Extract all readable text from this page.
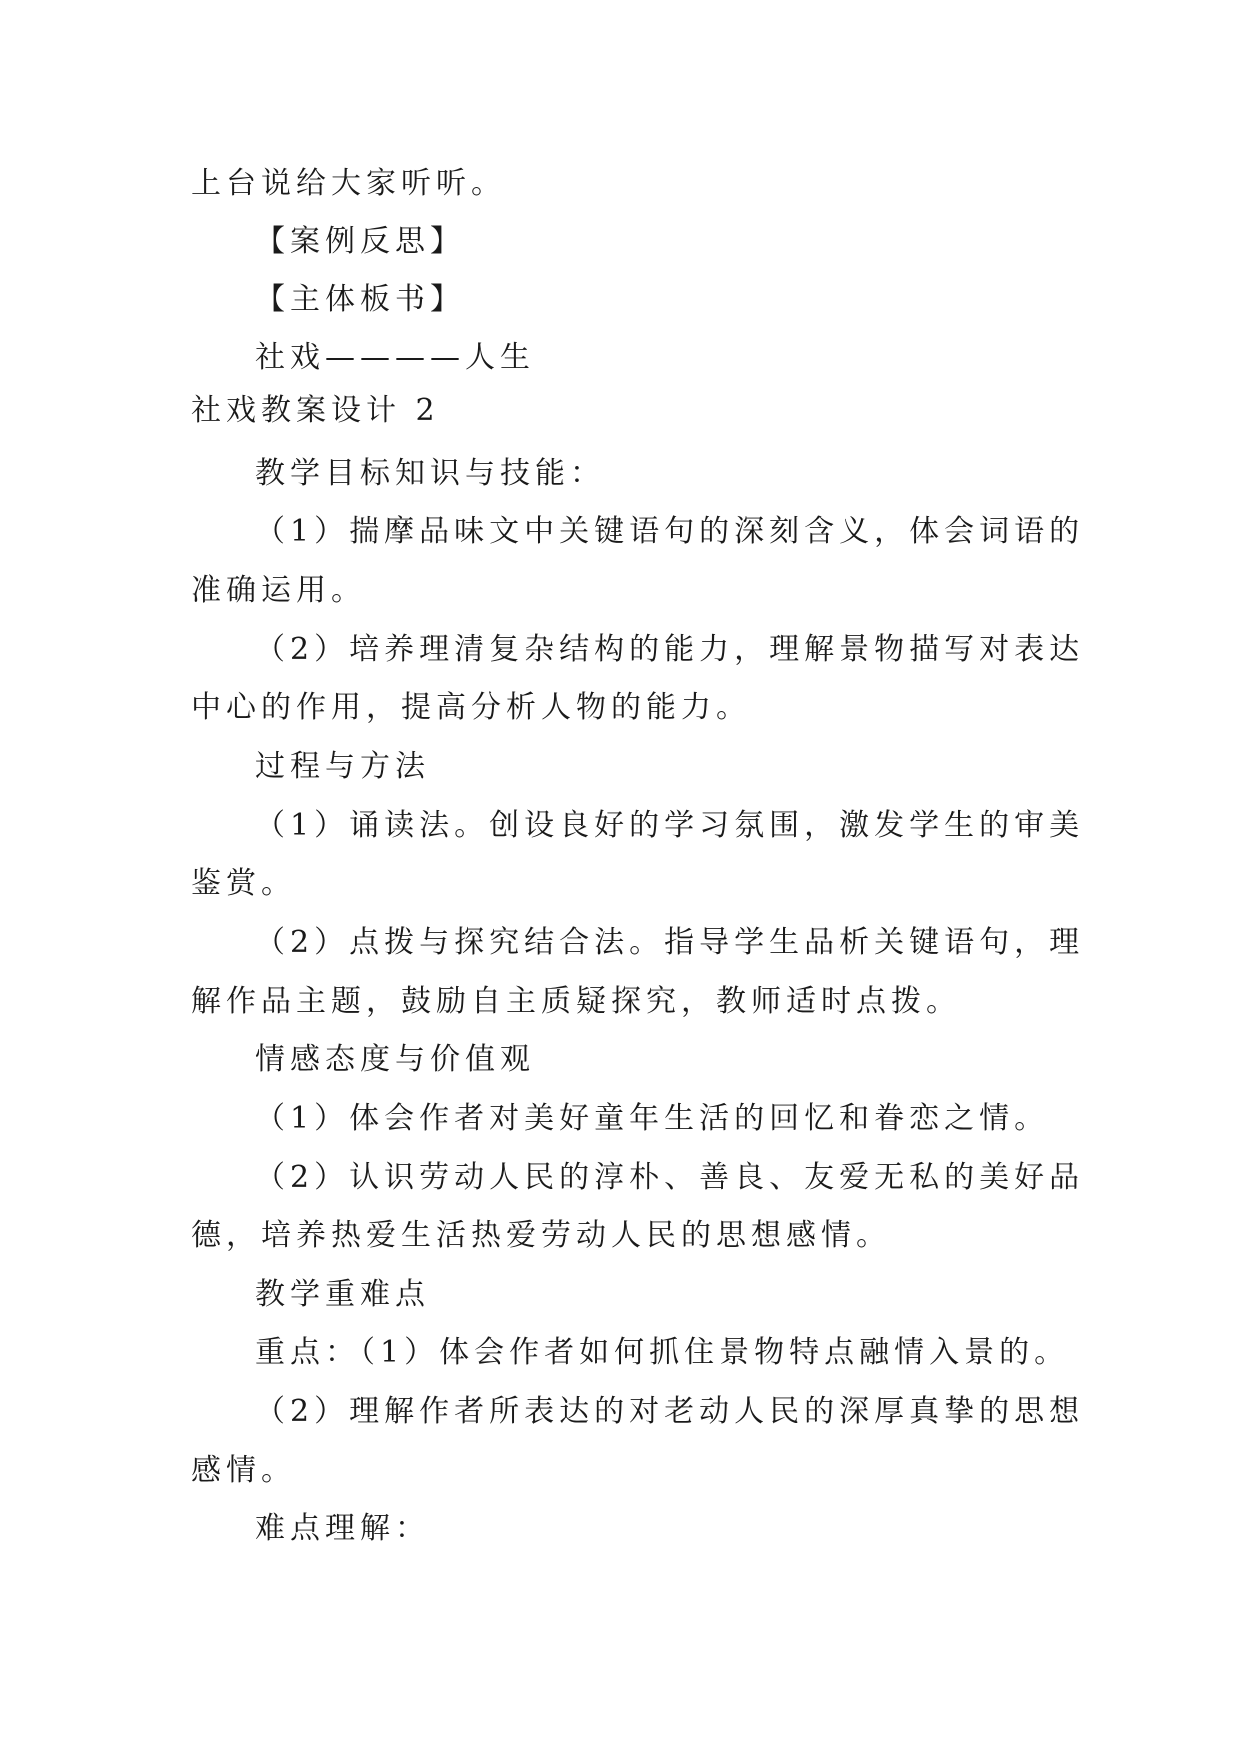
上台说给大家听听。
【案例反思】
【主体板书】
社戏————人生
社戏教案设计 2
教学目标知识与技能：
（1）揣摩品味文中关键语句的深刻含义，体会词语的
准确运用。
（2）培养理清复杂结构的能力，理解景物描写对表达
中心的作用，提高分析人物的能力。
过程与方法
（1）诵读法。创设良好的学习氛围，激发学生的审美
鉴赏。
（2）点拨与探究结合法。指导学生品析关键语句，理
解作品主题，鼓励自主质疑探究，教师适时点拨。
情感态度与价值观
（1）体会作者对美好童年生活的回忆和眷恋之情。
（2）认识劳动人民的淳朴、善良、友爱无私的美好品
德，培养热爱生活热爱劳动人民的思想感情。
教学重难点
重点：（1）体会作者如何抓住景物特点融情入景的。
（2）理解作者所表达的对老动人民的深厚真挚的思想
感情。
难点理解：
